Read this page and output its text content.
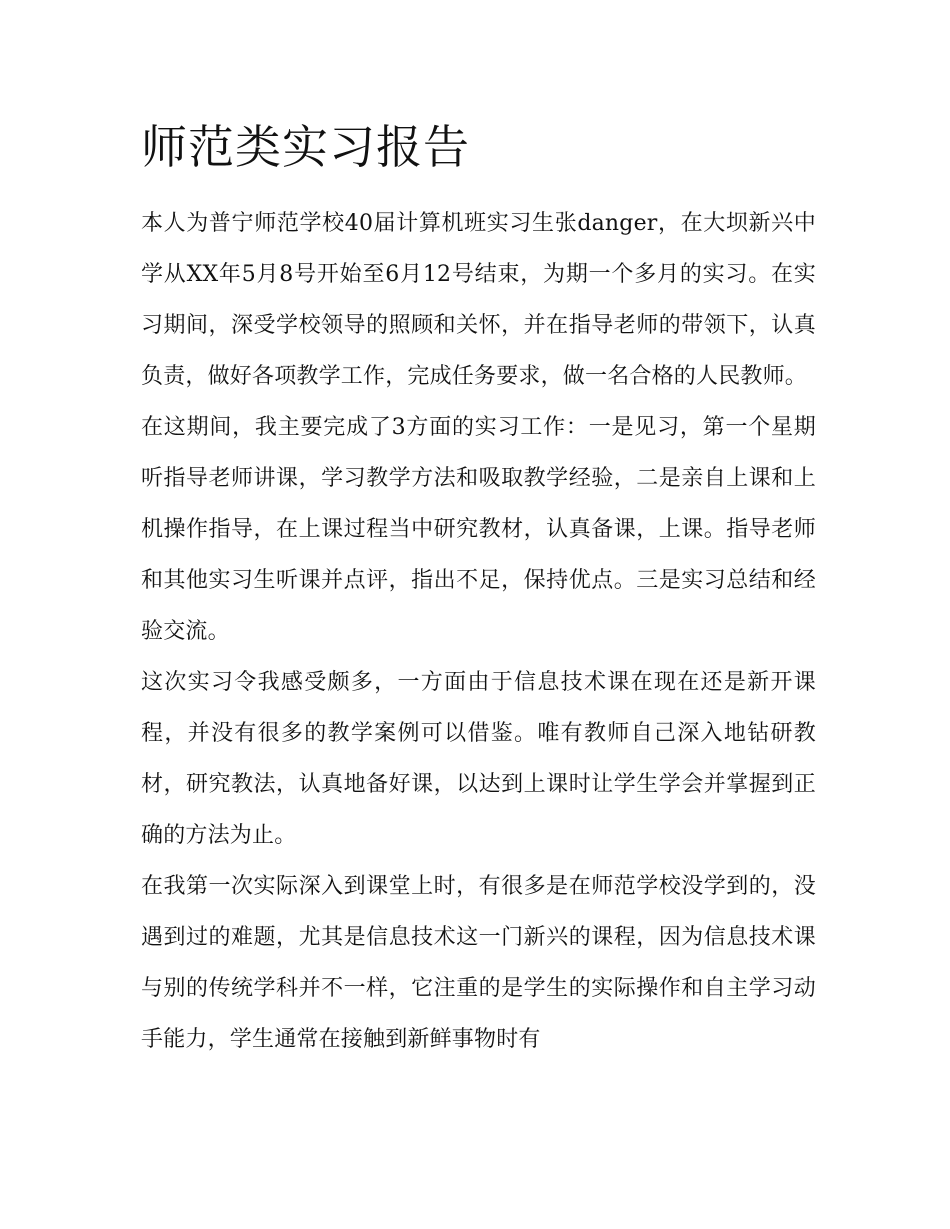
师范类实习报告

本人为普宁师范学校40届计算机班实习生张danger，在大坝新兴中学从XX年5月8号开始至6月12号结束，为期一个多月的实习。在实习期间，深受学校领导的照顾和关怀，并在指导老师的带领下，认真负责，做好各项教学工作，完成任务要求，做一名合格的人民教师。

在这期间，我主要完成了3方面的实习工作：一是见习，第一个星期听指导老师讲课，学习教学方法和吸取教学经验，二是亲自上课和上机操作指导，在上课过程当中研究教材，认真备课，上课。指导老师和其他实习生听课并点评，指出不足，保持优点。三是实习总结和经验交流。

这次实习令我感受颇多，一方面由于信息技术课在现在还是新开课程，并没有很多的教学案例可以借鉴。唯有教师自己深入地钻研教材，研究教法，认真地备好课，以达到上课时让学生学会并掌握到正确的方法为止。

在我第一次实际深入到课堂上时，有很多是在师范学校没学到的，没遇到过的难题，尤其是信息技术这一门新兴的课程，因为信息技术课与别的传统学科并不一样，它注重的是学生的实际操作和自主学习动手能力，学生通常在接触到新鲜事物时有
